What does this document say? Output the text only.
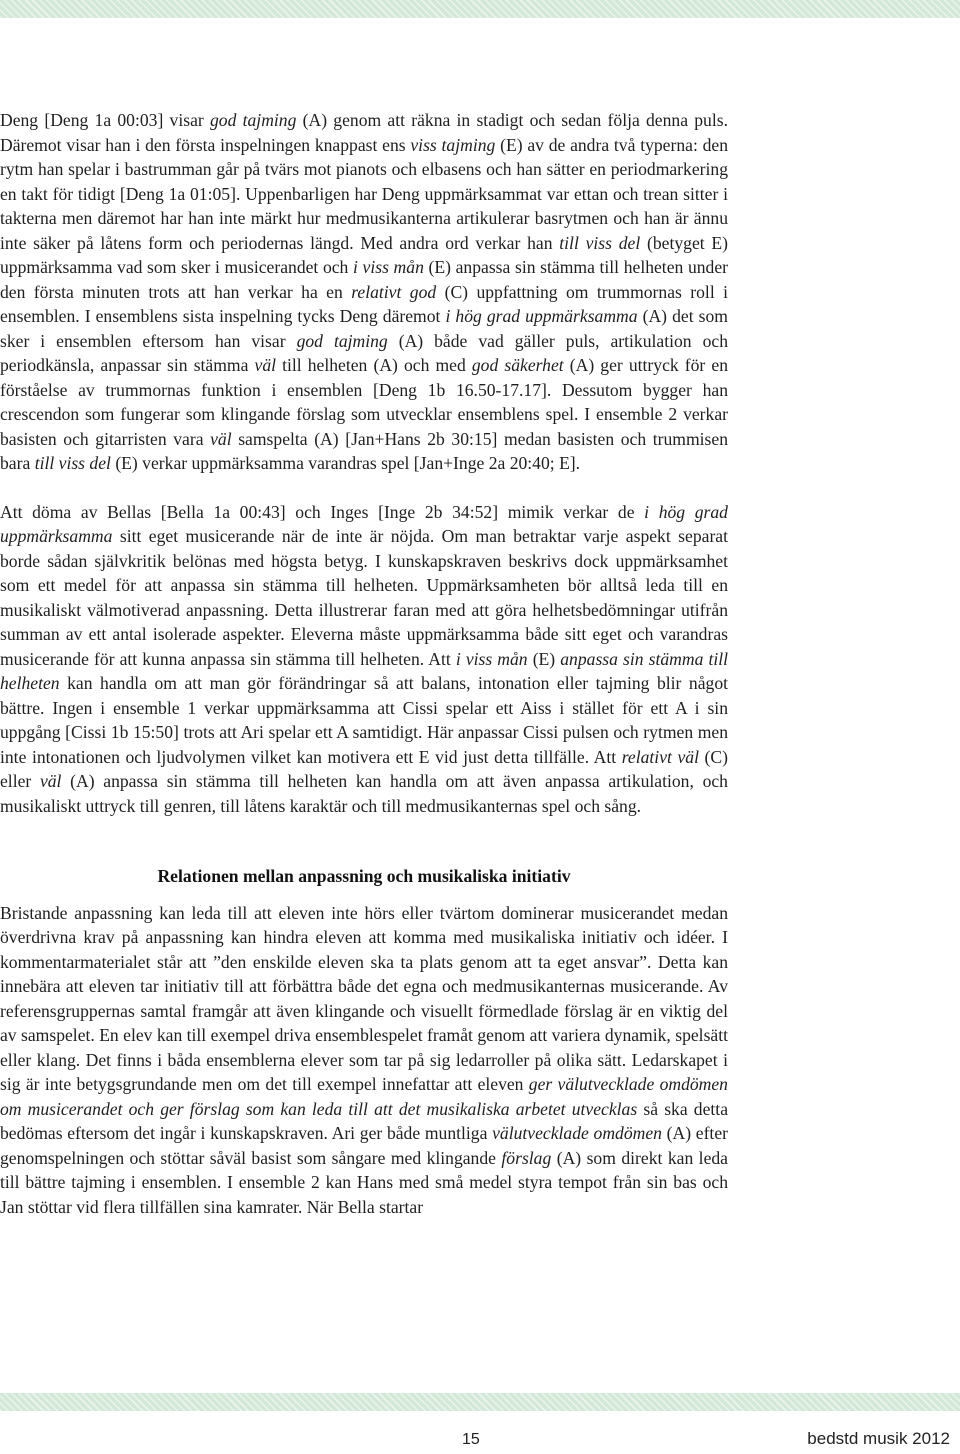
Deng [Deng 1a 00:03] visar god tajming (A) genom att räkna in stadigt och sedan följa denna puls. Däremot visar han i den första inspelningen knappast ens viss tajming (E) av de andra två typerna: den rytm han spelar i bastrumman går på tvärs mot pianots och elbasens och han sätter en periodmarkering en takt för tidigt [Deng 1a 01:05]. Uppenbarligen har Deng uppmärksammat var ettan och trean sitter i takterna men däremot har han inte märkt hur medmusikanterna artikulerar basrytmen och han är ännu inte säker på låtens form och periodernas längd. Med andra ord verkar han till viss del (betyget E) uppmärksamma vad som sker i musicerandet och i viss mån (E) anpassa sin stämma till helheten under den första minuten trots att han verkar ha en relativt god (C) uppfattning om trummornas roll i ensemblen. I ensemblens sista inspelning tycks Deng däremot i hög grad uppmärksamma (A) det som sker i ensemblen eftersom han visar god tajming (A) både vad gäller puls, artikulation och periodkänsla, anpassar sin stämma väl till helheten (A) och med god säkerhet (A) ger uttryck för en förståelse av trummornas funktion i ensemblen [Deng 1b 16.50-17.17]. Dessutom bygger han crescendon som fungerar som klingande förslag som utvecklar ensemblens spel. I ensemble 2 verkar basisten och gitarristen vara väl samspelta (A) [Jan+Hans 2b 30:15] medan basisten och trummisen bara till viss del (E) verkar uppmärksamma varandras spel [Jan+Inge 2a 20:40; E].

Att döma av Bellas [Bella 1a 00:43] och Inges [Inge 2b 34:52] mimik verkar de i hög grad uppmärksamma sitt eget musicerande när de inte är nöjda. Om man betraktar varje aspekt separat borde sådan självkritik belönas med högsta betyg. I kunskapskraven beskrivs dock uppmärksamhet som ett medel för att anpassa sin stämma till helheten. Uppmärksamheten bör alltså leda till en musikaliskt välmotiverad anpassning. Detta illustrerar faran med att göra helhetsbedömningar utifrån summan av ett antal isolerade aspekter. Eleverna måste uppmärksamma både sitt eget och varandras musicerande för att kunna anpassa sin stämma till helheten. Att i viss mån (E) anpassa sin stämma till helheten kan handla om att man gör förändringar så att balans, intonation eller tajming blir något bättre. Ingen i ensemble 1 verkar uppmärksamma att Cissi spelar ett Aiss i stället för ett A i sin uppgång [Cissi 1b 15:50] trots att Ari spelar ett A samtidigt. Här anpassar Cissi pulsen och rytmen men inte intonationen och ljudvolymen vilket kan motivera ett E vid just detta tillfälle. Att relativt väl (C) eller väl (A) anpassa sin stämma till helheten kan handla om att även anpassa artikulation, och musikaliskt uttryck till genren, till låtens karaktär och till medmusikanternas spel och sång.

Relationen mellan anpassning och musikaliska initiativ

Bristande anpassning kan leda till att eleven inte hörs eller tvärtom dominerar musicerandet medan överdrivna krav på anpassning kan hindra eleven att komma med musikaliska initiativ och idéer. I kommentarmaterialet står att ”den enskilde eleven ska ta plats genom att ta eget ansvar”. Detta kan innebära att eleven tar initiativ till att förbättra både det egna och medmusikanternas musicerande. Av referensgruppernas samtal framgår att även klingande och visuellt förmedlade förslag är en viktig del av samspelet. En elev kan till exempel driva ensemblespelet framåt genom att variera dynamik, spelsätt eller klang. Det finns i båda ensemblerna elever som tar på sig ledarroller på olika sätt. Ledarskapet i sig är inte betygsgrundande men om det till exempel innefattar att eleven ger välutvecklade omdömen om musicerandet och ger förslag som kan leda till att det musikaliska arbetet utvecklas så ska detta bedömas eftersom det ingår i kunskapskraven. Ari ger både muntliga välutvecklade omdömen (A) efter genomspelningen och stöttar såväl basist som sångare med klingande förslag (A) som direkt kan leda till bättre tajming i ensemblen. I ensemble 2 kan Hans med små medel styra tempot från sin bas och Jan stöttar vid flera tillfällen sina kamrater. När Bella startar

15	bedstd musik 2012
